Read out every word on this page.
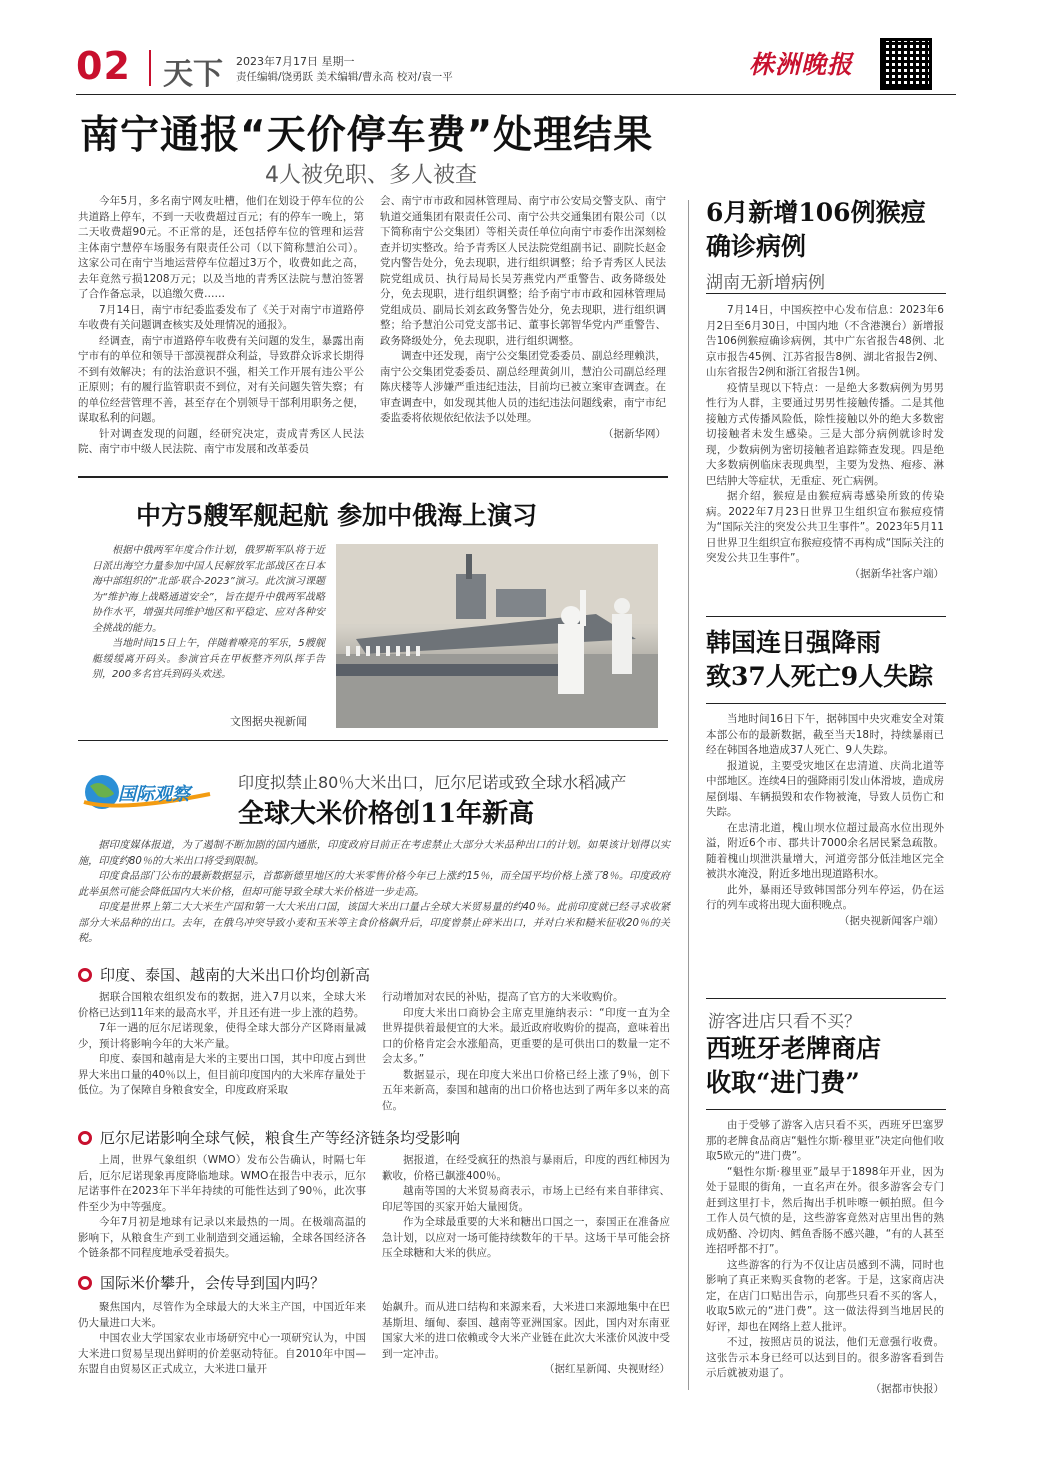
02 天下 2023年7月17日 星期一
责任编辑/饶勇跃 美术编辑/曹永高 校对/袁一平	株洲晚报
南宁通报“天价停车费”处理结果
4人被免职、多人被查

今年5月，多名南宁网友吐槽，他们在划设于停车位的公共道路上停车，不到一天收费超过百元；有的停车一晚上，第二天收费超90元。不正常的是，还包括停车位的管理和运营主体南宁慧停车场服务有限责任公司（以下简称慧泊公司）。这家公司在南宁当地运营停车位超过3万个，收费如此之高，去年竟然亏损1208万元；以及当地的青秀区法院与慧泊签署了合作备忘录，以追缴欠费……

7月14日，南宁市纪委监委发布了《关于对南宁市道路停车收费有关问题调查核实及处理情况的通报》。

经调查，南宁市道路停车收费有关问题的发生，暴露出南宁市有的单位和领导干部漠视群众利益，导致群众诉求长期得不到有效解决；有的法治意识不强，相关工作开展有违公平公正原则；有的履行监管职责不到位，对有关问题失管失察；有的单位经营管理不善，甚至存在个别领导干部利用职务之便，谋取私利的问题。

针对调查发现的问题，经研究决定，责成青秀区人民法院、南宁市中级人民法院、南宁市发展和改革委员

会、南宁市市政和园林管理局、南宁市公安局交警支队、南宁轨道交通集团有限责任公司、南宁公共交通集团有限公司（以下简称南宁公交集团）等相关责任单位向南宁市委作出深刻检查并切实整改。给予青秀区人民法院党组副书记、副院长赵金党内警告处分，免去现职，进行组织调整；给予青秀区人民法院党组成员、执行局局长吴芳燕党内严重警告、政务降级处分，免去现职，进行组织调整；给予南宁市市政和园林管理局党组成员、副局长刘玄政务警告处分，免去现职，进行组织调整；给予慧泊公司党支部书记、董事长郭智华党内严重警告、政务降级处分，免去现职，进行组织调整。

调查中还发现，南宁公交集团党委委员、副总经理赖洪，南宁公交集团党委委员、副总经理黄剑川，慧泊公司副总经理陈庆楼等人涉嫌严重违纪违法，目前均已被立案审查调查。在审查调查中，如发现其他人员的违纪违法问题线索，南宁市纪委监委将依规依纪依法予以处理。

（据新华网）
中方5艘军舰起航 参加中俄海上演习

根据中俄两军年度合作计划，俄罗斯军队将于近日派出海空力量参加中国人民解放军北部战区在日本海中部组织的“北部·联合-2023”演习。此次演习课题为“维护海上战略通道安全”，旨在提升中俄两军战略协作水平，增强共同维护地区和平稳定、应对各种安全挑战的能力。

当地时间15日上午，伴随着嘹亮的军乐，5艘舰艇缓缓离开码头。参演官兵在甲板整齐列队挥手告别，200多名官兵到码头欢送。

文图据央视新闻
国际观察
印度拟禁止80％大米出口，厄尔尼诺或致全球水稻减产
全球大米价格创11年新高

据印度媒体报道，为了遏制不断加剧的国内通胀，印度政府目前正在考虑禁止大部分大米品种出口的计划。如果该计划得以实施，印度约80％的大米出口将受到限制。

印度食品部门公布的最新数据显示，首都新德里地区的大米零售价格今年已上涨约15％，而全国平均价格上涨了8％。印度政府此举虽然可能会降低国内大米价格，但却可能导致全球大米价格进一步走高。

印度是世界上第二大大米生产国和第一大大米出口国，该国大米出口量占全球大米贸易量的约40％。此前印度就已经寻求收紧部分大米品种的出口。去年，在俄乌冲突导致小麦和玉米等主食价格飙升后，印度曾禁止碎米出口，并对白米和糙米征收20％的关税。

印度、泰国、越南的大米出口价均创新高

据联合国粮农组织发布的数据，进入7月以来，全球大米价格已达到11年来的最高水平，并且还有进一步上涨的趋势。

7年一遇的厄尔尼诺现象，使得全球大部分产区降雨量减少，预计将影响今年的大米产量。

印度、泰国和越南是大米的主要出口国，其中印度占到世界大米出口量的40％以上，但目前印度国内的大米库存量处于低位。为了保障自身粮食安全，印度政府采取

行动增加对农民的补贴，提高了官方的大米收购价。

印度大米出口商协会主席克里施纳表示：“印度一直为全世界提供着最便宜的大米。最近政府收购价的提高，意味着出口的价格肯定会水涨船高，更重要的是可供出口的数量一定不会太多。”

数据显示，现在印度大米出口价格已经上涨了9％，创下五年来新高，泰国和越南的出口价格也达到了两年多以来的高位。

厄尔尼诺影响全球气候，粮食生产等经济链条均受影响

上周，世界气象组织（WMO）发布公告确认，时隔七年后，厄尔尼诺现象再度降临地球。WMO在报告中表示，厄尔尼诺事件在2023年下半年持续的可能性达到了90％，此次事件至少为中等强度。

今年7月初是地球有记录以来最热的一周。在极端高温的影响下，从粮食生产到工业制造到交通运输，全球各国经济各个链条都不同程度地承受着损失。

据报道，在经受疯狂的热浪与暴雨后，印度的西红柿因为歉收，价格已飙涨400％。

越南等国的大米贸易商表示，市场上已经有来自菲律宾、印尼等国的买家开始大量囤货。

作为全球最重要的大米和糖出口国之一，泰国正在准备应急计划，以应对一场可能持续数年的干旱。这场干旱可能会挤压全球糖和大米的供应。

国际米价攀升，会传导到国内吗？

聚焦国内，尽管作为全球最大的大米主产国，中国近年来仍大量进口大米。

中国农业大学国家农业市场研究中心一项研究认为，中国大米进口贸易呈现出鲜明的价差驱动特征。自2010年中国—东盟自由贸易区正式成立，大米进口量开

始飙升。而从进口结构和来源来看，大米进口来源地集中在巴基斯坦、缅甸、泰国、越南等亚洲国家。因此，国内对东南亚国家大米的进口依赖或令大米产业链在此次大米涨价风波中受到一定冲击。

（据红星新闻、央视财经）
6月新增106例猴痘确诊病例
湖南无新增病例

7月14日，中国疾控中心发布信息：2023年6月2日至6月30日，中国内地（不含港澳台）新增报告106例猴痘确诊病例，其中广东省报告48例、北京市报告45例、江苏省报告8例、湖北省报告2例、山东省报告2例和浙江省报告1例。

疫情呈现以下特点：一是绝大多数病例为男男性行为人群，主要通过男男性接触传播。二是其他接触方式传播风险低，除性接触以外的绝大多数密切接触者未发生感染。三是大部分病例就诊时发现，少数病例为密切接触者追踪筛查发现。四是绝大多数病例临床表现典型，主要为发热、疱疹、淋巴结肿大等症状，无重症、死亡病例。

据介绍，猴痘是由猴痘病毒感染所致的传染病。2022年7月23日世界卫生组织宣布猴痘疫情为“国际关注的突发公共卫生事件”。2023年5月11日世界卫生组织宣布猴痘疫情不再构成“国际关注的突发公共卫生事件”。

（据新华社客户端）
韩国连日强降雨
致37人死亡9人失踪

当地时间16日下午，据韩国中央灾难安全对策本部公布的最新数据，截至当天18时，持续暴雨已经在韩国各地造成37人死亡、9人失踪。

报道说，主要受灾地区在忠清道、庆尚北道等中部地区。连续4日的强降雨引发山体滑坡，造成房屋倒塌、车辆损毁和农作物被淹，导致人员伤亡和失踪。

在忠清北道，槐山坝水位超过最高水位出现外溢，附近6个市、郡共计7000余名居民紧急疏散。随着槐山坝泄洪量增大，河道旁部分低洼地区完全被洪水淹没，附近多地出现道路积水。

此外，暴雨还导致韩国部分列车停运，仍在运行的列车或将出现大面积晚点。

（据央视新闻客户端）
游客进店只看不买？
西班牙老牌商店
收取“进门费”

由于受够了游客入店只看不买，西班牙巴塞罗那的老牌食品商店“魁性尔斯·穆里亚”决定向他们收取5欧元的“进门费”。

“魁性尔斯·穆里亚”最早于1898年开业，因为处于显眼的街角，一直名声在外。很多游客会专门赶到这里打卡，然后掏出手机咔嚓一顿拍照。但今工作人员气愤的是，这些游客竟然对店里出售的熟成奶酪、冷切肉、鳕鱼香肠不感兴趣，“有的人甚至连招呼都不打”。

这些游客的行为不仅让店员感到不满，同时也影响了真正来购买食物的老客。于是，这家商店决定，在店门口贴出告示，向那些只看不买的客人，收取5欧元的“进门费”。这一做法得到当地居民的好评，却也在网络上惹人批评。

不过，按照店员的说法，他们无意强行收费。这张告示本身已经可以达到目的。很多游客看到告示后就被劝退了。

（据都市快报）
韩国连日强降雨致37人死亡9人失踪
